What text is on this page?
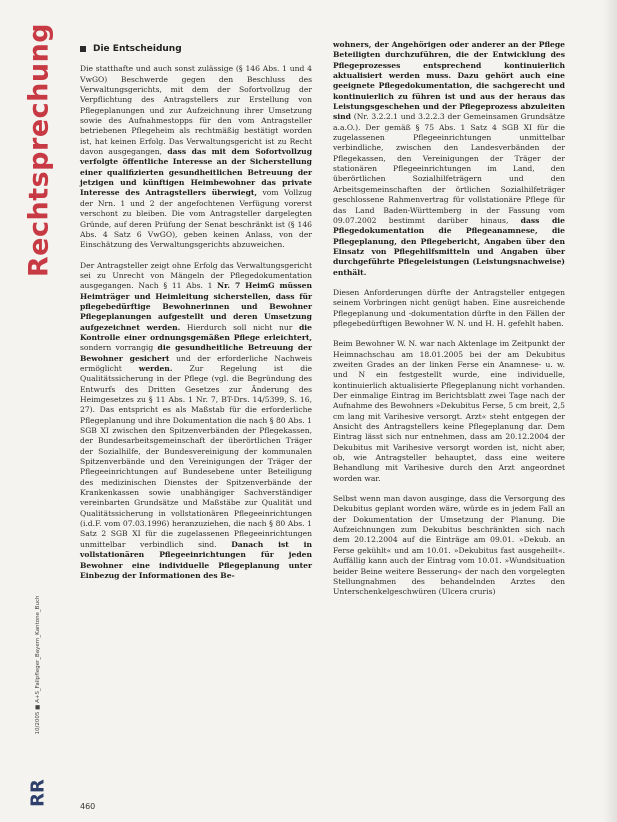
Rechtsprechung
10/2005 ■ A+S_Fallpfleger_Bayern_Kantone_Buch
RR
Die Entscheidung

Die statthafte und auch sonst zulässige (§ 146 Abs. 1 und 4 VwGO) Beschwerde gegen den Beschluss des Verwaltungsgerichts, mit dem der Sofortvollzug der Verpflichtung des Antragstellers zur Erstellung von Pflegeplanungen und zur Aufzeichnung ihrer Umsetzung sowie des Aufnahmestopps für den vom Antragsteller betriebenen Pflegeheim als rechtmäßig bestätigt worden ist, hat keinen Erfolg. Das Verwaltungsgericht ist zu Recht davon ausgegangen, dass das mit dem Sofortvollzug verfolgte öffentliche Interesse an der Sicherstellung einer qualifizierten gesundheitlichen Betreuung der jetzigen und künftigen Heimbewohner das private Interesse des Antragstellers überwiegt, vom Vollzug der Nrn. 1 und 2 der angefochtenen Verfügung vorerst verschont zu bleiben. Die vom Antragsteller dargelegten Gründe, auf deren Prüfung der Senat beschränkt ist (§ 146 Abs. 4 Satz 6 VwGO), geben keinen Anlass, von der Einschätzung des Verwaltungsgerichts abzuweichen.

Der Antragsteller zeigt ohne Erfolg das Verwaltungsgericht sei zu Unrecht von Mängeln der Pflegedokumentation ausgegangen. Nach § 11 Abs. 1 Nr. 7 HeimG müssen Heimträger und Heimleitung sicherstellen, dass für pflegebedürftige Bewohnerinnen und Bewohner Pflegeplanungen aufgestellt und deren Umsetzung aufgezeichnet werden. Hierdurch soll nicht nur die Kontrolle einer ordnungsgemäßen Pflege erleichtert, sondern vorrangig die gesundheitliche Betreuung der Bewohner gesichert und der erforderliche Nachweis ermöglicht werden. Zur Regelung ist die Qualitätssicherung in der Pflege (vgl. die Begründung des Entwurfs des Dritten Gesetzes zur Änderung des Heimgesetzes zu § 11 Abs. 1 Nr. 7, BT-Drs. 14/5399, S. 16, 27). Das entspricht es als Maßstab für die erforderliche Pflegeplanung und ihre Dokumentation die nach § 80 Abs. 1 SGB XI zwischen den Spitzenverbänden der Pflegekassen, der Bundesarbeitsgemeinschaft der überörtlichen Träger der Sozialhilfe, der Bundesvereinigung der kommunalen Spitzenverbände und den Vereinigungen der Träger der Pflegeeinrichtungen auf Bundesebene unter Beteiligung des medizinischen Dienstes der Spitzenverbände der Krankenkassen sowie unabhängiger Sachverständiger vereinbarten Grundsätze und Maßstäbe zur Qualität und Qualitätssicherung in vollstationären Pflegeeinrichtungen (i.d.F. vom 07.03.1996) heranzuziehen, die nach § 80 Abs. 1 Satz 2 SGB XI für die zugelassenen Pflegeeinrichtungen unmittelbar verbindlich sind. Danach ist in vollstationären Pflegeeinrichtungen für jeden Bewohner eine individuelle Pflegeplanung unter Einbezug der Informationen des Be-

wohners, der Angehörigen oder anderer an der Pflege Beteiligten durchzuführen, die der Entwicklung des Pflegeprozesses entsprechend kontinuierlich aktualisiert werden muss. Dazu gehört auch eine geeignete Pflegedokumentation, die sachgerecht und kontinuierlich zu führen ist und aus der heraus das Leistungsgeschehen und der Pflegeprozess abzuleiten sind (Nr. 3.2.2.1 und 3.2.2.3 der Gemeinsamen Grundsätze a.a.O.). Der gemäß § 75 Abs. 1 Satz 4 SGB XI für die zugelassenen Pflegeeinrichtungen unmittelbar verbindliche, zwischen den Landesverbänden der Pflegekassen, den Vereinigungen der Träger der stationären Pflegeeinrichtungen im Land, den überörtlichen Sozialhilfeträgern und den Arbeitsgemeinschaften der örtlichen Sozialhilfeträger geschlossene Rahmenvertrag für vollstationäre Pflege für das Land Baden-Württemberg in der Fassung vom 09.07.2002 bestimmt darüber hinaus, dass die Pflegedokumentation die Pflegeanamnese, die Pflegeplanung, den Pflegebericht, Angaben über den Einsatz von Pflegehilfsmitteln und Angaben über durchgeführte Pflegeleistungen (Leistungsnachweise) enthält.

Diesen Anforderungen dürfte der Antragsteller entgegen seinem Vorbringen nicht genügt haben. Eine ausreichende Pflegeplanung und -dokumentation dürfte in den Fällen der pflegebedürftigen Bewohner W. N. und H. H. gefehlt haben.

Beim Bewohner W. N. war nach Aktenlage im Zeitpunkt der Heimnachschau am 18.01.2005 bei der am Dekubitus zweiten Grades an der linken Ferse ein Anamnese- u. w. und N ein festgestellt wurde, eine individuelle, kontinuierlich aktualisierte Pflegeplanung nicht vorhanden. Der einmalige Eintrag im Berichtsblatt zwei Tage nach der Aufnahme des Bewohners »Dekubitus Ferse, 5 cm breit, 2,5 cm lang mit Varihesive versorgt. Arzt« steht entgegen der Ansicht des Antragstellers keine Pflegeplanung dar. Dem Eintrag lässt sich nur entnehmen, dass am 20.12.2004 der Dekubitus mit Varihesive versorgt worden ist, nicht aber, ob, wie Antragsteller behauptet, dass eine weitere Behandlung mit Varihesive durch den Arzt angeordnet worden war.

Selbst wenn man davon ausginge, dass die Versorgung des Dekubitus geplant worden wäre, würde es in jedem Fall an der Dokumentation der Umsetzung der Planung. Die Aufzeichnungen zum Dekubitus beschränkten sich nach dem 20.12.2004 auf die Einträge am 09.01. »Dekub. an Ferse gekühlt« und am 10.01. »Dekubitus fast ausgeheilt«. Auffällig kann auch der Eintrag vom 10.01. »Wundsituation beider Beine weitere Besserung« der nach den vorgelegten Stellungnahmen des behandelnden Arztes den Unterschenkelgeschwüren (Ulcera cruris)

460
